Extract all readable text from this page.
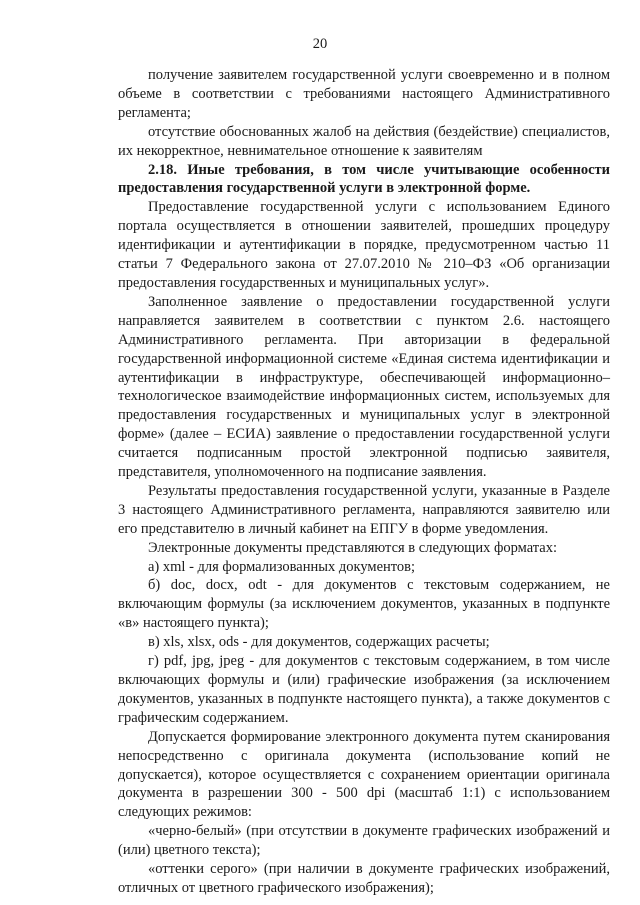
20

получение заявителем государственной услуги своевременно и в полном объеме в соответствии с требованиями настоящего Административного регламента;

отсутствие обоснованных жалоб на действия (бездействие) специалистов, их некорректное, невнимательное отношение к заявителям

2.18. Иные требования, в том числе учитывающие особенности предоставления государственной услуги в электронной форме.

Предоставление государственной услуги с использованием Единого портала осуществляется в отношении заявителей, прошедших процедуру идентификации и аутентификации в порядке, предусмотренном частью 11 статьи 7 Федерального закона от 27.07.2010 № 210–ФЗ «Об организации предоставления государственных и муниципальных услуг».

Заполненное заявление о предоставлении государственной услуги направляется заявителем в соответствии с пунктом 2.6. настоящего Административного регламента. При авторизации в федеральной государственной информационной системе «Единая система идентификации и аутентификации в инфраструктуре, обеспечивающей информационно–технологическое взаимодействие информационных систем, используемых для предоставления государственных и муниципальных услуг в электронной форме» (далее – ЕСИА) заявление о предоставлении государственной услуги считается подписанным простой электронной подписью заявителя, представителя, уполномоченного на подписание заявления.

Результаты предоставления государственной услуги, указанные в Разделе 3 настоящего Административного регламента, направляются заявителю или его представителю в личный кабинет на ЕПГУ в форме уведомления.

Электронные документы представляются в следующих форматах:

а) xml - для формализованных документов;

б) doc, docx, odt - для документов с текстовым содержанием, не включающим формулы (за исключением документов, указанных в подпункте «в» настоящего пункта);

в) xls, xlsx, ods - для документов, содержащих расчеты;

г) pdf, jpg, jpeg - для документов с текстовым содержанием, в том числе включающих формулы и (или) графические изображения (за исключением документов, указанных в подпункте настоящего пункта), а также документов с графическим содержанием.

Допускается формирование электронного документа путем сканирования непосредственно с оригинала документа (использование копий не допускается), которое осуществляется с сохранением ориентации оригинала документа в разрешении 300 - 500 dpi (масштаб 1:1) с использованием следующих режимов:

«черно-белый» (при отсутствии в документе графических изображений и (или) цветного текста);

«оттенки серого» (при наличии в документе графических изображений, отличных от цветного графического изображения);
